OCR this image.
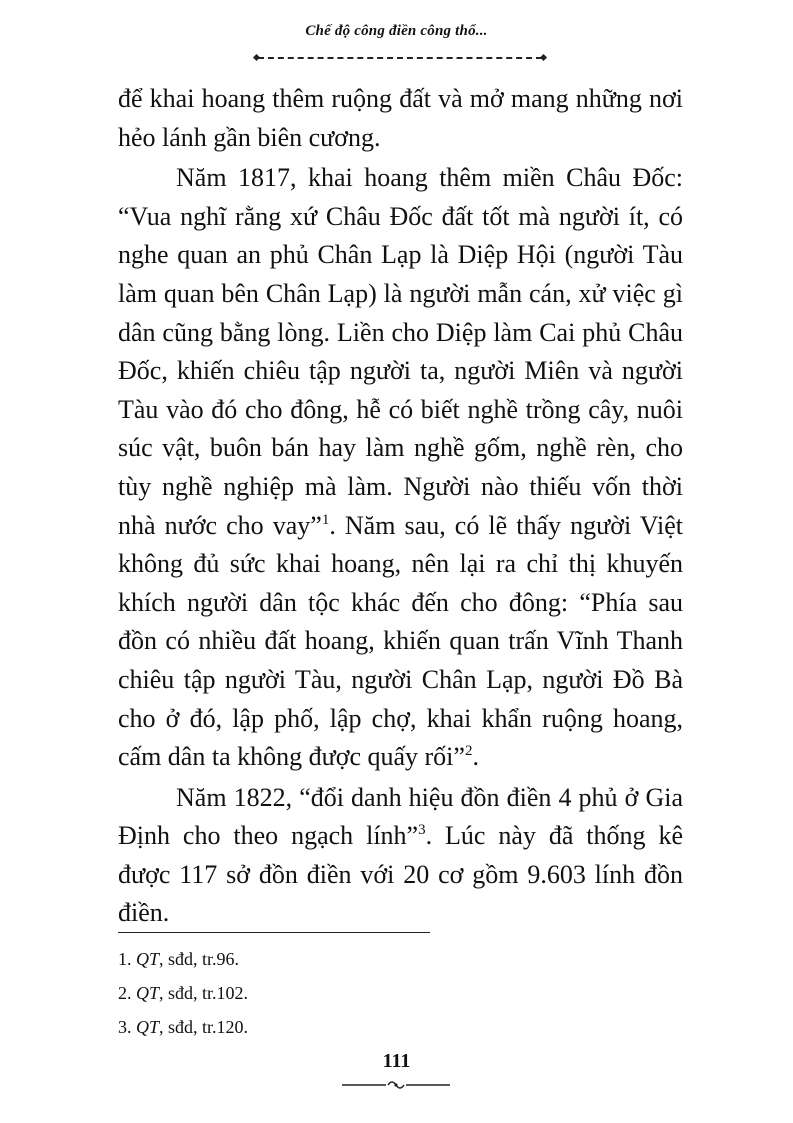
Chế độ công điền công thổ...

để khai hoang thêm ruộng đất và mở mang những nơi hẻo lánh gần biên cương.

Năm 1817, khai hoang thêm miền Châu Đốc: “Vua nghĩ rằng xứ Châu Đốc đất tốt mà người ít, có nghe quan an phủ Chân Lạp là Diệp Hội (người Tàu làm quan bên Chân Lạp) là người mẫn cán, xử việc gì dân cũng bằng lòng. Liền cho Diệp làm Cai phủ Châu Đốc, khiến chiêu tập người ta, người Miên và người Tàu vào đó cho đông, hễ có biết nghề trồng cây, nuôi súc vật, buôn bán hay làm nghề gốm, nghề rèn, cho tùy nghề nghiệp mà làm. Người nào thiếu vốn thời nhà nước cho vay”$^1$. Năm sau, có lẽ thấy người Việt không đủ sức khai hoang, nên lại ra chỉ thị khuyến khích người dân tộc khác đến cho đông: “Phía sau đồn có nhiều đất hoang, khiến quan trấn Vĩnh Thanh chiêu tập người Tàu, người Chân Lạp, người Đồ Bà cho ở đó, lập phố, lập chợ, khai khẩn ruộng hoang, cấm dân ta không được quấy rối”$^2$.

Năm 1822, “đổi danh hiệu đồn điền 4 phủ ở Gia Định cho theo ngạch lính”$^3$. Lúc này đã thống kê được 117 sở đồn điền với 20 cơ gồm 9.603 lính đồn điền.

1. QT, sđd, tr.96.
2. QT, sđd, tr.102.
3. QT, sđd, tr.120.
111
